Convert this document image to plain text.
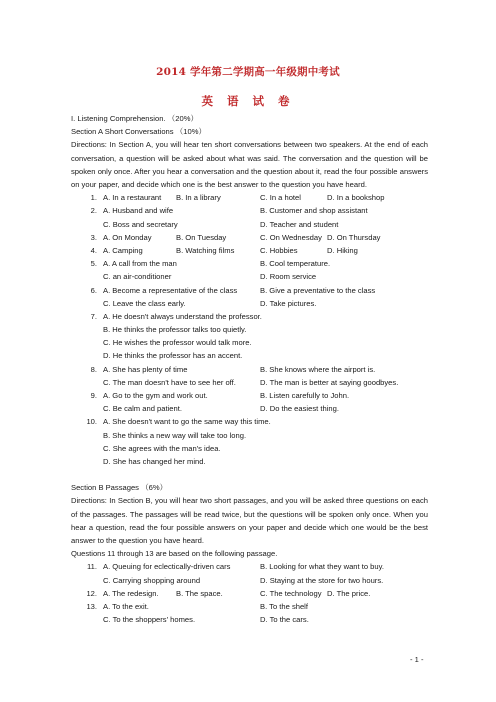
2014 学年第二学期高一年级期中考试
英 语 试 卷
I. Listening Comprehension. （20%）
Section A Short Conversations （10%）
Directions: In Section A, you will hear ten short conversations between two speakers. At the end of each conversation, a question will be asked about what was said. The conversation and the question will be spoken only once. After you hear a conversation and the question about it, read the four possible answers on your paper, and decide which one is the best answer to the question you have heard.
1. A. In a restaurant B. In a library	C. In a hotel	D. In a bookshop
2. A. Husband and wife	B. Customer and shop assistant
C. Boss and secretary	D. Teacher and student
3. A. On Monday	B. On Tuesday	C. On Wednesday D. On Thursday
4. A. Camping	B. Watching films	C. Hobbies	D. Hiking
5. A. A call from the man	B. Cool temperature.
C. an air-conditioner	D. Room service
6. A. Become a representative of the class	B. Give a preventative to the class
C. Leave the class early.	D. Take pictures.
7. A. He doesn't always understand the professor.
B. He thinks the professor talks too quietly.
C. He wishes the professor would talk more.
D. He thinks the professor has an accent.
8. A. She has plenty of time	B. She knows where the airport is.
C. The man doesn't have to see her off.	D. The man is better at saying goodbyes.
9. A. Go to the gym and work out.	B. Listen carefully to John.
C. Be calm and patient.	D. Do the easiest thing.
10. A. She doesn't want to go the same way this time.
B. She thinks a new way will take too long.
C. She agrees with the man's idea.
D. She has changed her mind.
Section B Passages （6%）
Directions: In Section B, you will hear two short passages, and you will be asked three questions on each of the passages. The passages will be read twice, but the questions will be spoken only once. When you hear a question, read the four possible answers on your paper and decide which one would be the best answer to the question you have heard.
Questions 11 through 13 are based on the following passage.
11. A. Queuing for eclectically-driven cars	B. Looking for what they want to buy.
C. Carrying shopping around	D. Staying at the store for two hours.
12. A. The redesign. B. The space.	C. The technology D. The price.
13. A. To the exit.	B. To the shelf
C. To the shoppers' homes.	D. To the cars.
- 1 -
